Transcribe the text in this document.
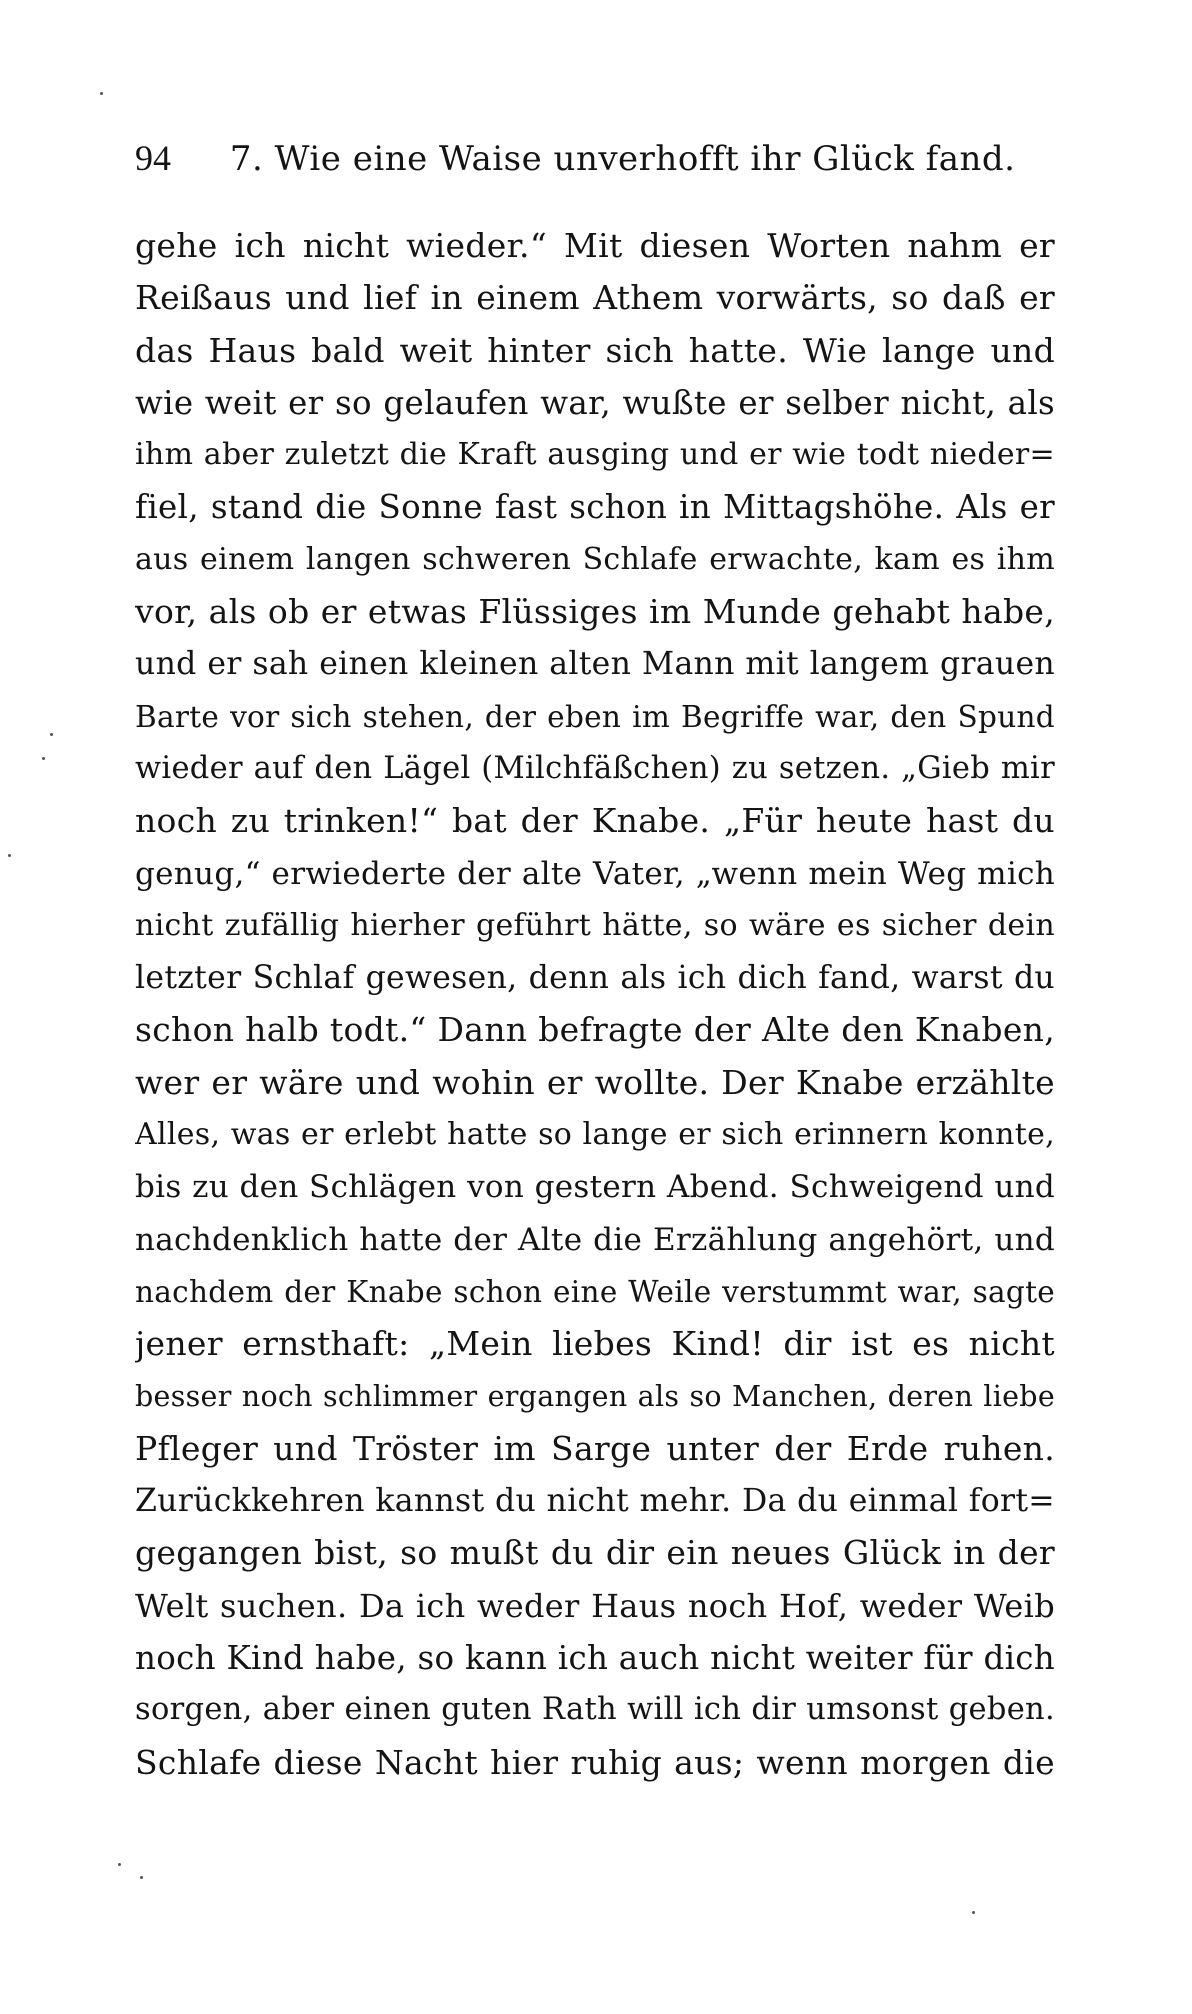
94 7. Wie eine Waise unverhofft ihr Glück fand.
gehe ich nicht wieder.“ Mit diesen Worten nahm er
Reißaus und lief in einem Athem vorwärts, so daß er
das Haus bald weit hinter sich hatte. Wie lange und
wie weit er so gelaufen war, wußte er selber nicht, als
ihm aber zuletzt die Kraft ausging und er wie todt nieder=
fiel, stand die Sonne fast schon in Mittagshöhe. Als er
aus einem langen schweren Schlafe erwachte, kam es ihm
vor, als ob er etwas Flüssiges im Munde gehabt habe,
und er sah einen kleinen alten Mann mit langem grauen
Barte vor sich stehen, der eben im Begriffe war, den Spund
wieder auf den Lägel (Milchfäßchen) zu setzen. „Gieb mir
noch zu trinken!“ bat der Knabe. „Für heute hast du
genug,“ erwiederte der alte Vater, „wenn mein Weg mich
nicht zufällig hierher geführt hätte, so wäre es sicher dein
letzter Schlaf gewesen, denn als ich dich fand, warst du
schon halb todt.“ Dann befragte der Alte den Knaben,
wer er wäre und wohin er wollte. Der Knabe erzählte
Alles, was er erlebt hatte so lange er sich erinnern konnte,
bis zu den Schlägen von gestern Abend. Schweigend und
nachdenklich hatte der Alte die Erzählung angehört, und
nachdem der Knabe schon eine Weile verstummt war, sagte
jener ernsthaft: „Mein liebes Kind! dir ist es nicht
besser noch schlimmer ergangen als so Manchen, deren liebe
Pfleger und Tröster im Sarge unter der Erde ruhen.
Zurückkehren kannst du nicht mehr. Da du einmal fort=
gegangen bist, so mußt du dir ein neues Glück in der
Welt suchen. Da ich weder Haus noch Hof, weder Weib
noch Kind habe, so kann ich auch nicht weiter für dich
sorgen, aber einen guten Rath will ich dir umsonst geben.
Schlafe diese Nacht hier ruhig aus; wenn morgen die
